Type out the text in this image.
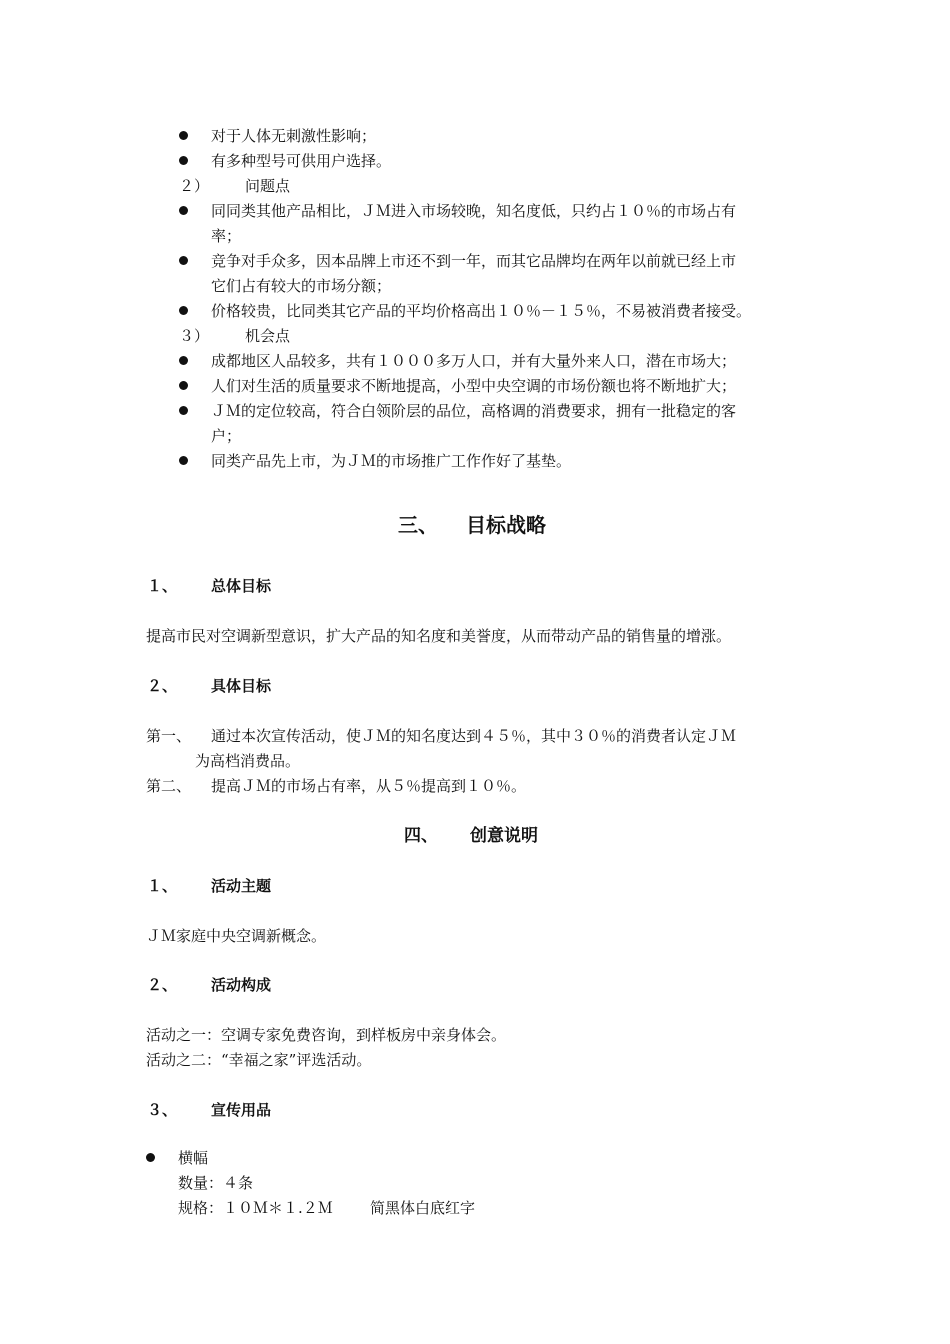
对于人体无刺激性影响；
有多种型号可供用户选择。
２） 问题点
同同类其他产品相比，ＪＭ进入市场较晚，知名度低，只约占１０％的市场占有
率；
竞争对手众多，因本品牌上市还不到一年，而其它品牌均在两年以前就已经上市
它们占有较大的市场分额；
价格较贵，比同类其它产品的平均价格高出１０％－１５％，不易被消费者接受。
３） 机会点
成都地区人品较多，共有１０００多万人口，并有大量外来人口，潜在市场大；
人们对生活的质量要求不断地提高，小型中央空调的市场份额也将不断地扩大；
ＪＭ的定位较高，符合白领阶层的品位，高格调的消费要求，拥有一批稳定的客
户；
同类产品先上市，为ＪＭ的市场推广工作作好了基垫。
三、 目标战略
１、 总体目标
提高市民对空调新型意识，扩大产品的知名度和美誉度，从而带动产品的销售量的增涨。
２、 具体目标
第一、 通过本次宣传活动，使ＪＭ的知名度达到４５％，其中３０％的消费者认定ＪＭ
为高档消费品。
第二、 提高ＪＭ的市场占有率，从５％提高到１０％。
四、 创意说明
１、 活动主题
ＪＭ家庭中央空调新概念。
２、 活动构成
活动之一：空调专家免费咨询，到样板房中亲身体会。
活动之二：“幸福之家”评选活动。
３、 宣传用品
横幅
数量：４条
规格：１０Ｍ＊１.２Ｍ 简黑体白底红字
